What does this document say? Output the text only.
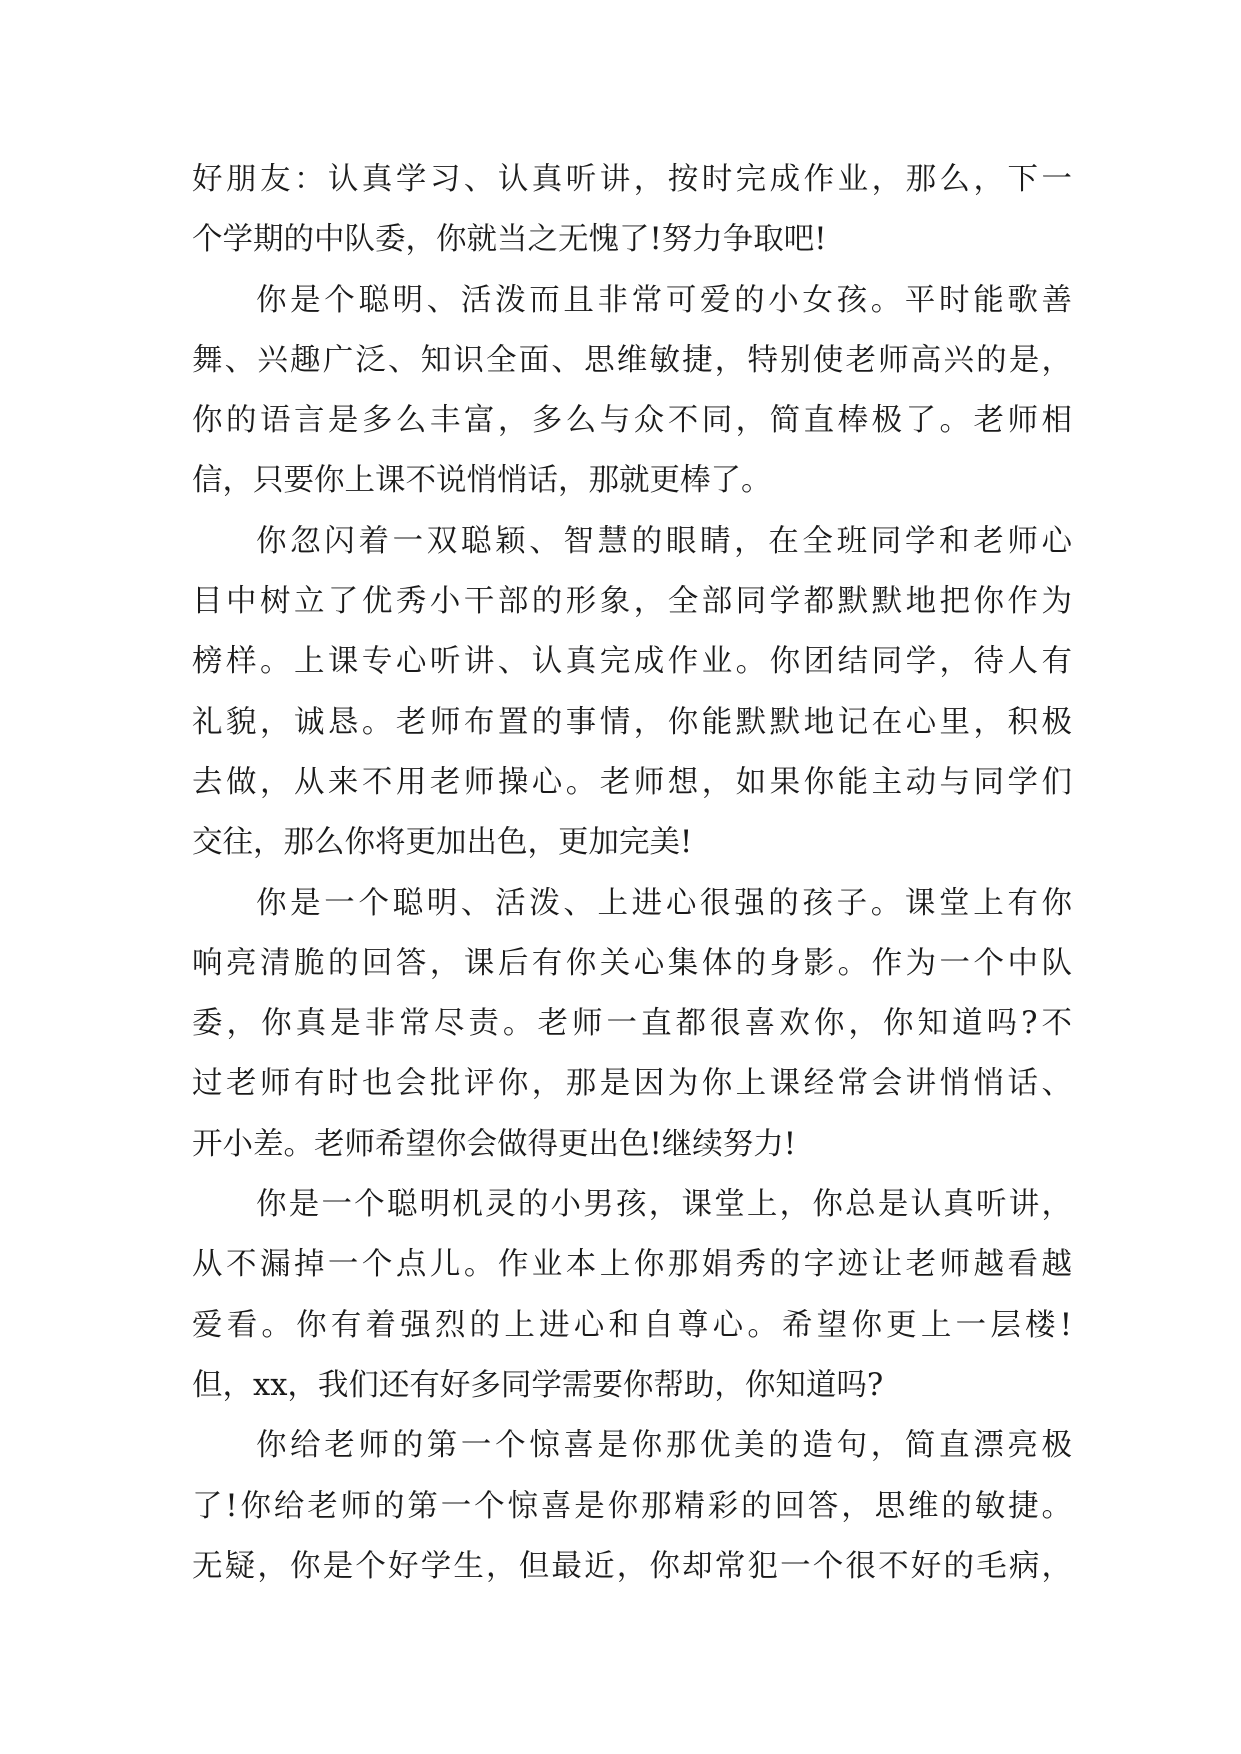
好朋友：认真学习、认真听讲，按时完成作业，那么，下一
个学期的中队委，你就当之无愧了!努力争取吧!
你是个聪明、活泼而且非常可爱的小女孩。平时能歌善
舞、兴趣广泛、知识全面、思维敏捷，特别使老师高兴的是，
你的语言是多么丰富，多么与众不同，简直棒极了。老师相
信，只要你上课不说悄悄话，那就更棒了。
你忽闪着一双聪颖、智慧的眼睛，在全班同学和老师心
目中树立了优秀小干部的形象，全部同学都默默地把你作为
榜样。上课专心听讲、认真完成作业。你团结同学，待人有
礼貌，诚恳。老师布置的事情，你能默默地记在心里，积极
去做，从来不用老师操心。老师想，如果你能主动与同学们
交往，那么你将更加出色，更加完美!
你是一个聪明、活泼、上进心很强的孩子。课堂上有你
响亮清脆的回答，课后有你关心集体的身影。作为一个中队
委，你真是非常尽责。老师一直都很喜欢你，你知道吗?不
过老师有时也会批评你，那是因为你上课经常会讲悄悄话、
开小差。老师希望你会做得更出色!继续努力!
你是一个聪明机灵的小男孩，课堂上，你总是认真听讲，
从不漏掉一个点儿。作业本上你那娟秀的字迹让老师越看越
爱看。你有着强烈的上进心和自尊心。希望你更上一层楼!
但，xx，我们还有好多同学需要你帮助，你知道吗?
你给老师的第一个惊喜是你那优美的造句，简直漂亮极
了!你给老师的第一个惊喜是你那精彩的回答，思维的敏捷。
无疑，你是个好学生，但最近，你却常犯一个很不好的毛病，
